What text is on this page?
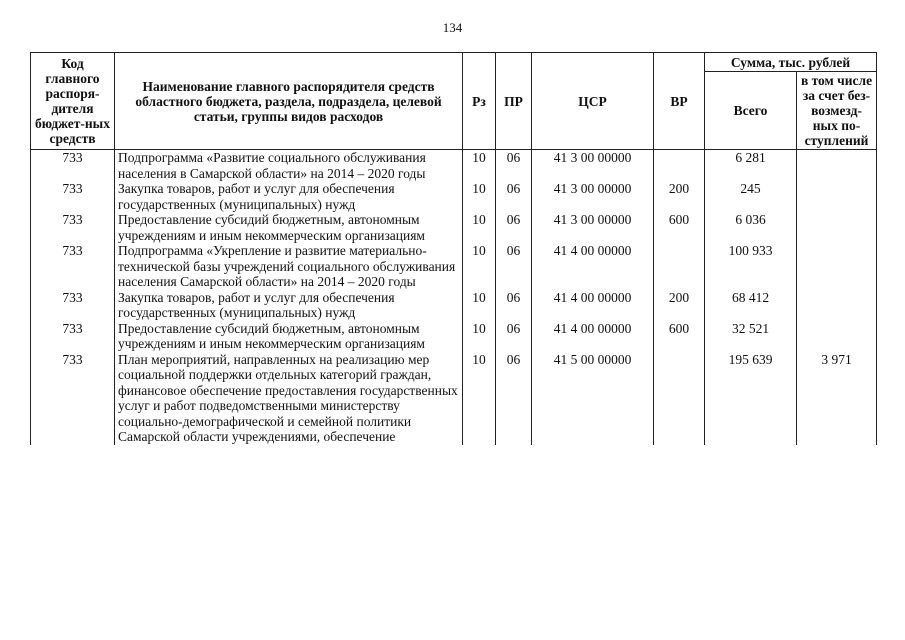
134
Код главного распоря-дителя бюджет-ных средств	Наименование главного распорядителя средств областного бюджета, раздела, подраздела, целевой статьи, группы видов расходов	Рз	ПР	ЦСР	ВР	Сумма, тыс. рублей	
						Всего	в том числе за счет без-возмезд-ных по-ступлений
733	Подпрограмма «Развитие социального обслуживания населения в Самарской области» на 2014 – 2020 годы	10	06	41 3 00 00000		6 281	
733	Закупка товаров, работ и услуг для обеспечения государственных (муниципальных) нужд	10	06	41 3 00 00000	200	245	
733	Предоставление субсидий бюджетным, автономным учреждениям и иным некоммерческим организациям	10	06	41 3 00 00000	600	6 036	
733	Подпрограмма «Укрепление и развитие материально-технической базы учреждений социального обслуживания населения Самарской области» на 2014 – 2020 годы	10	06	41 4 00 00000		100 933	
733	Закупка товаров, работ и услуг для обеспечения государственных (муниципальных) нужд	10	06	41 4 00 00000	200	68 412	
733	Предоставление субсидий бюджетным, автономным учреждениям и иным некоммерческим организациям	10	06	41 4 00 00000	600	32 521	
733	План мероприятий, направленных на реализацию мер социальной поддержки отдельных категорий граждан, финансовое обеспечение предоставления государственных услуг и работ подведомственными министерству социально-демографической и семейной политики Самарской области учреждениями, обеспечение	10	06	41 5 00 00000		195 639	3 971
